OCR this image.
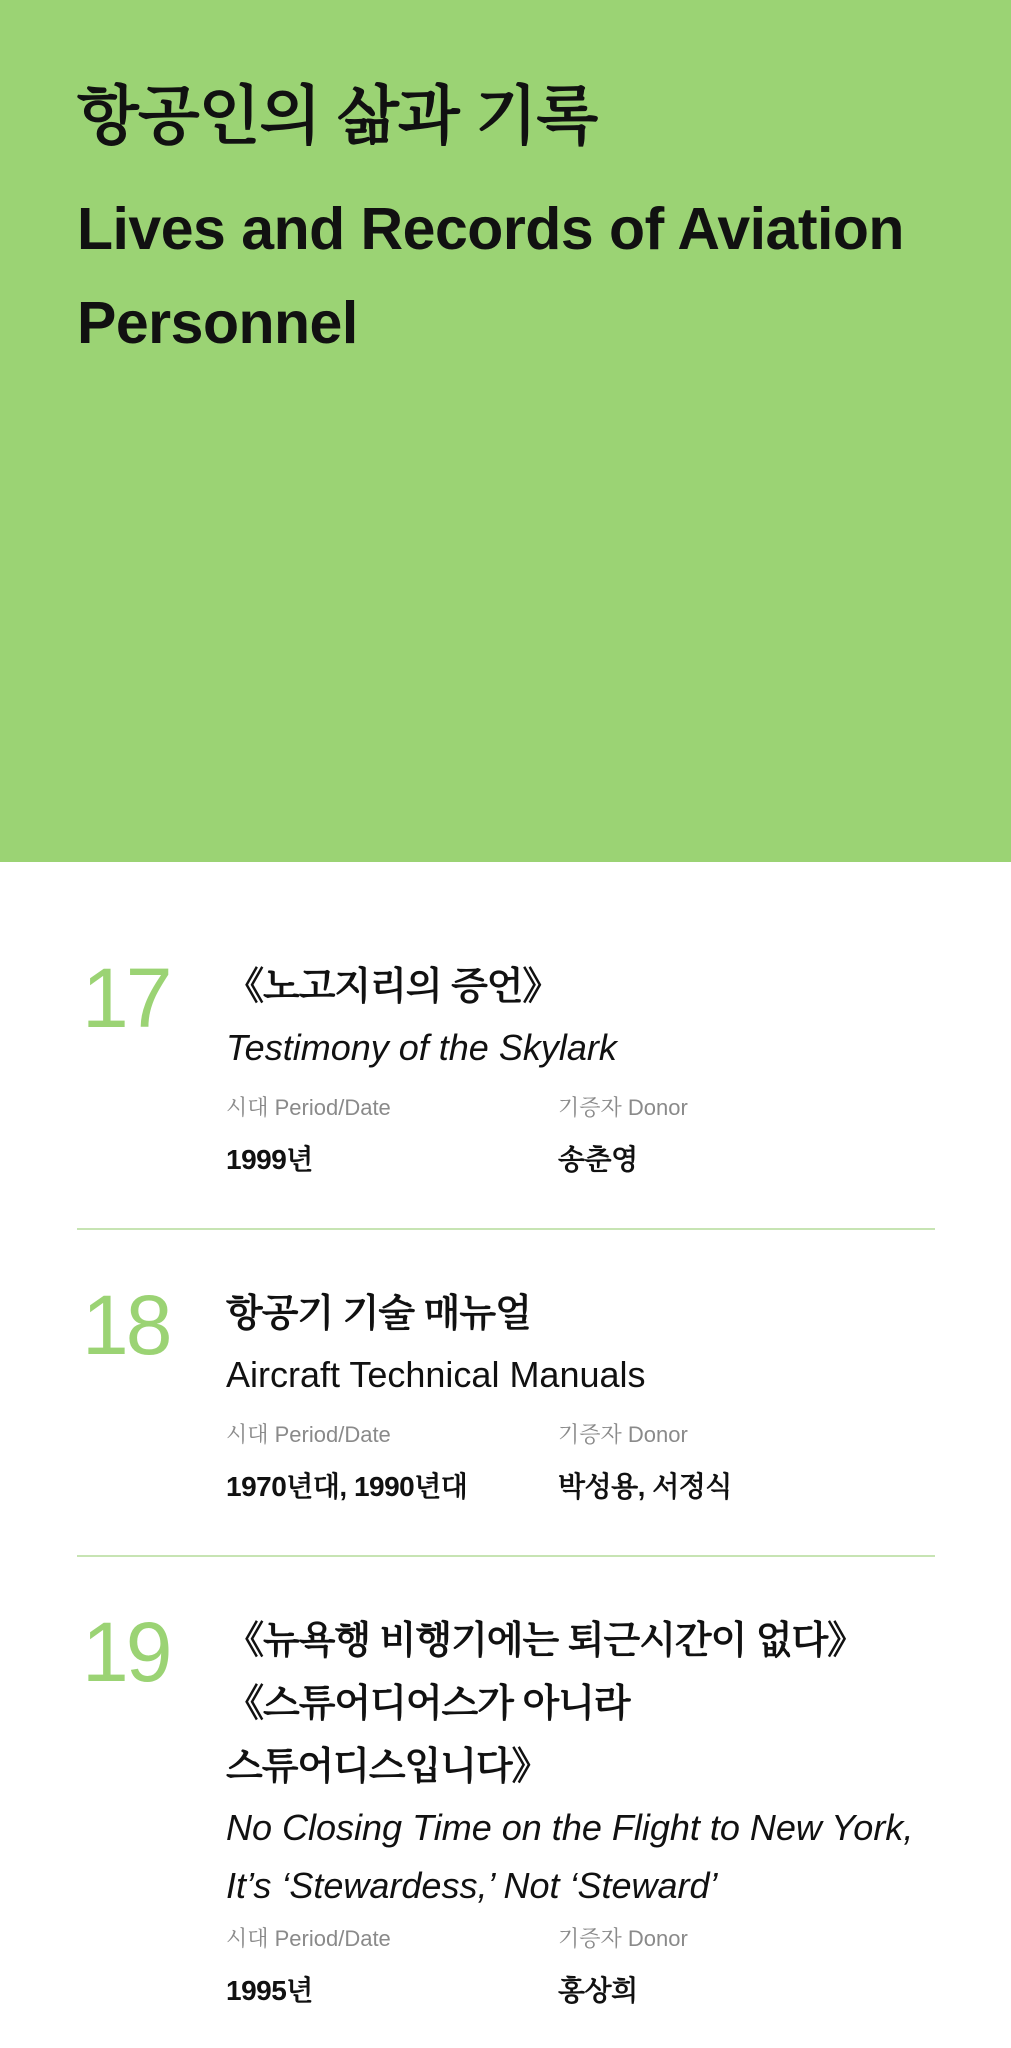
항공인의 삶과 기록
Lives and Records of Aviation Personnel
17 《노고지리의 증언》

Testimony of the Skylark

시대 Period/Date
1999년
기증자 Donor
송춘영
18 항공기 기술 매뉴얼

Aircraft Technical Manuals

시대 Period/Date
1970년대, 1990년대
기증자 Donor
박성용, 서정식
19 《뉴욕행 비행기에는 퇴근시간이 없다》

《스튜어디어스가 아니라

스튜어디스입니다》

No Closing Time on the Flight to New York, It’s ‘Stewardess,’ Not ‘Steward’

시대 Period/Date
1995년
기증자 Donor
홍상희
